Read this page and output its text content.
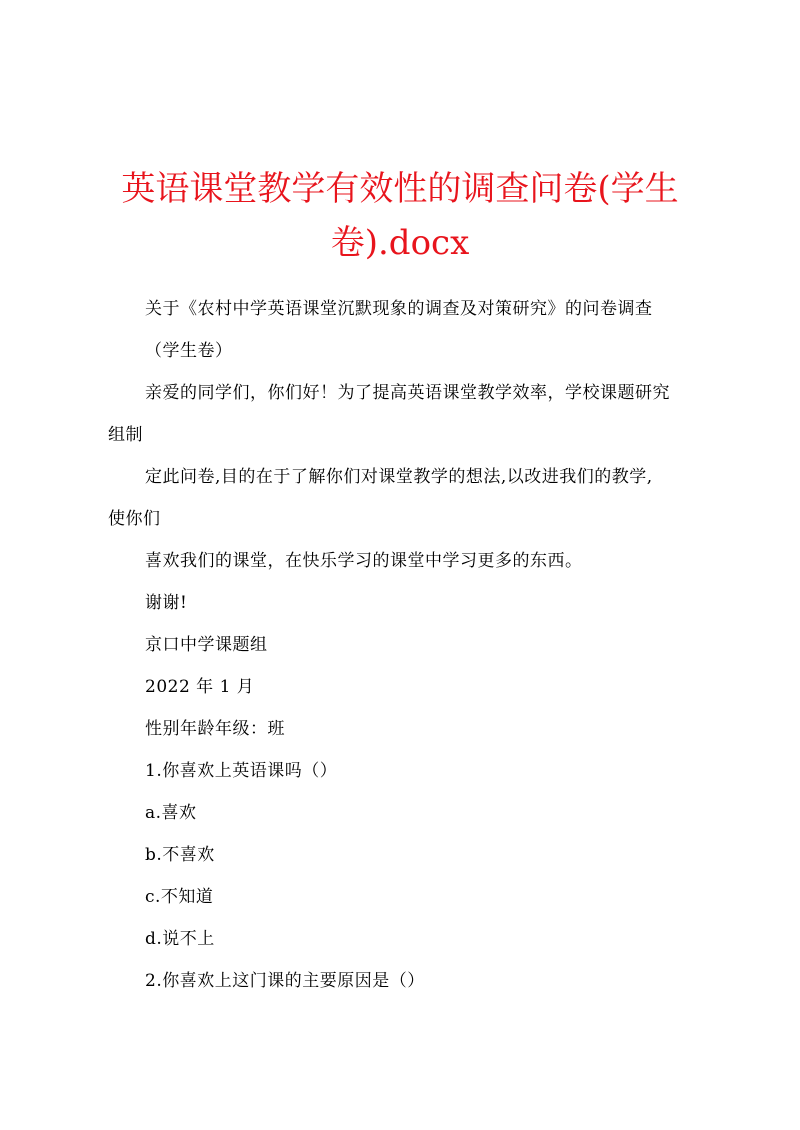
英语课堂教学有效性的调查问卷(学生
卷).docx
关于《农村中学英语课堂沉默现象的调查及对策研究》的问卷调查
（学生卷）
亲爱的同学们，你们好！为了提高英语课堂教学效率，学校课题研究
组制
定此问卷,目的在于了解你们对课堂教学的想法,以改进我们的教学,
使你们
喜欢我们的课堂，在快乐学习的课堂中学习更多的东西。
谢谢!
京口中学课题组
2022 年 1 月
性别年龄年级：班
1.你喜欢上英语课吗（）
a.喜欢
b.不喜欢
c.不知道
d.说不上
2.你喜欢上这门课的主要原因是（）
